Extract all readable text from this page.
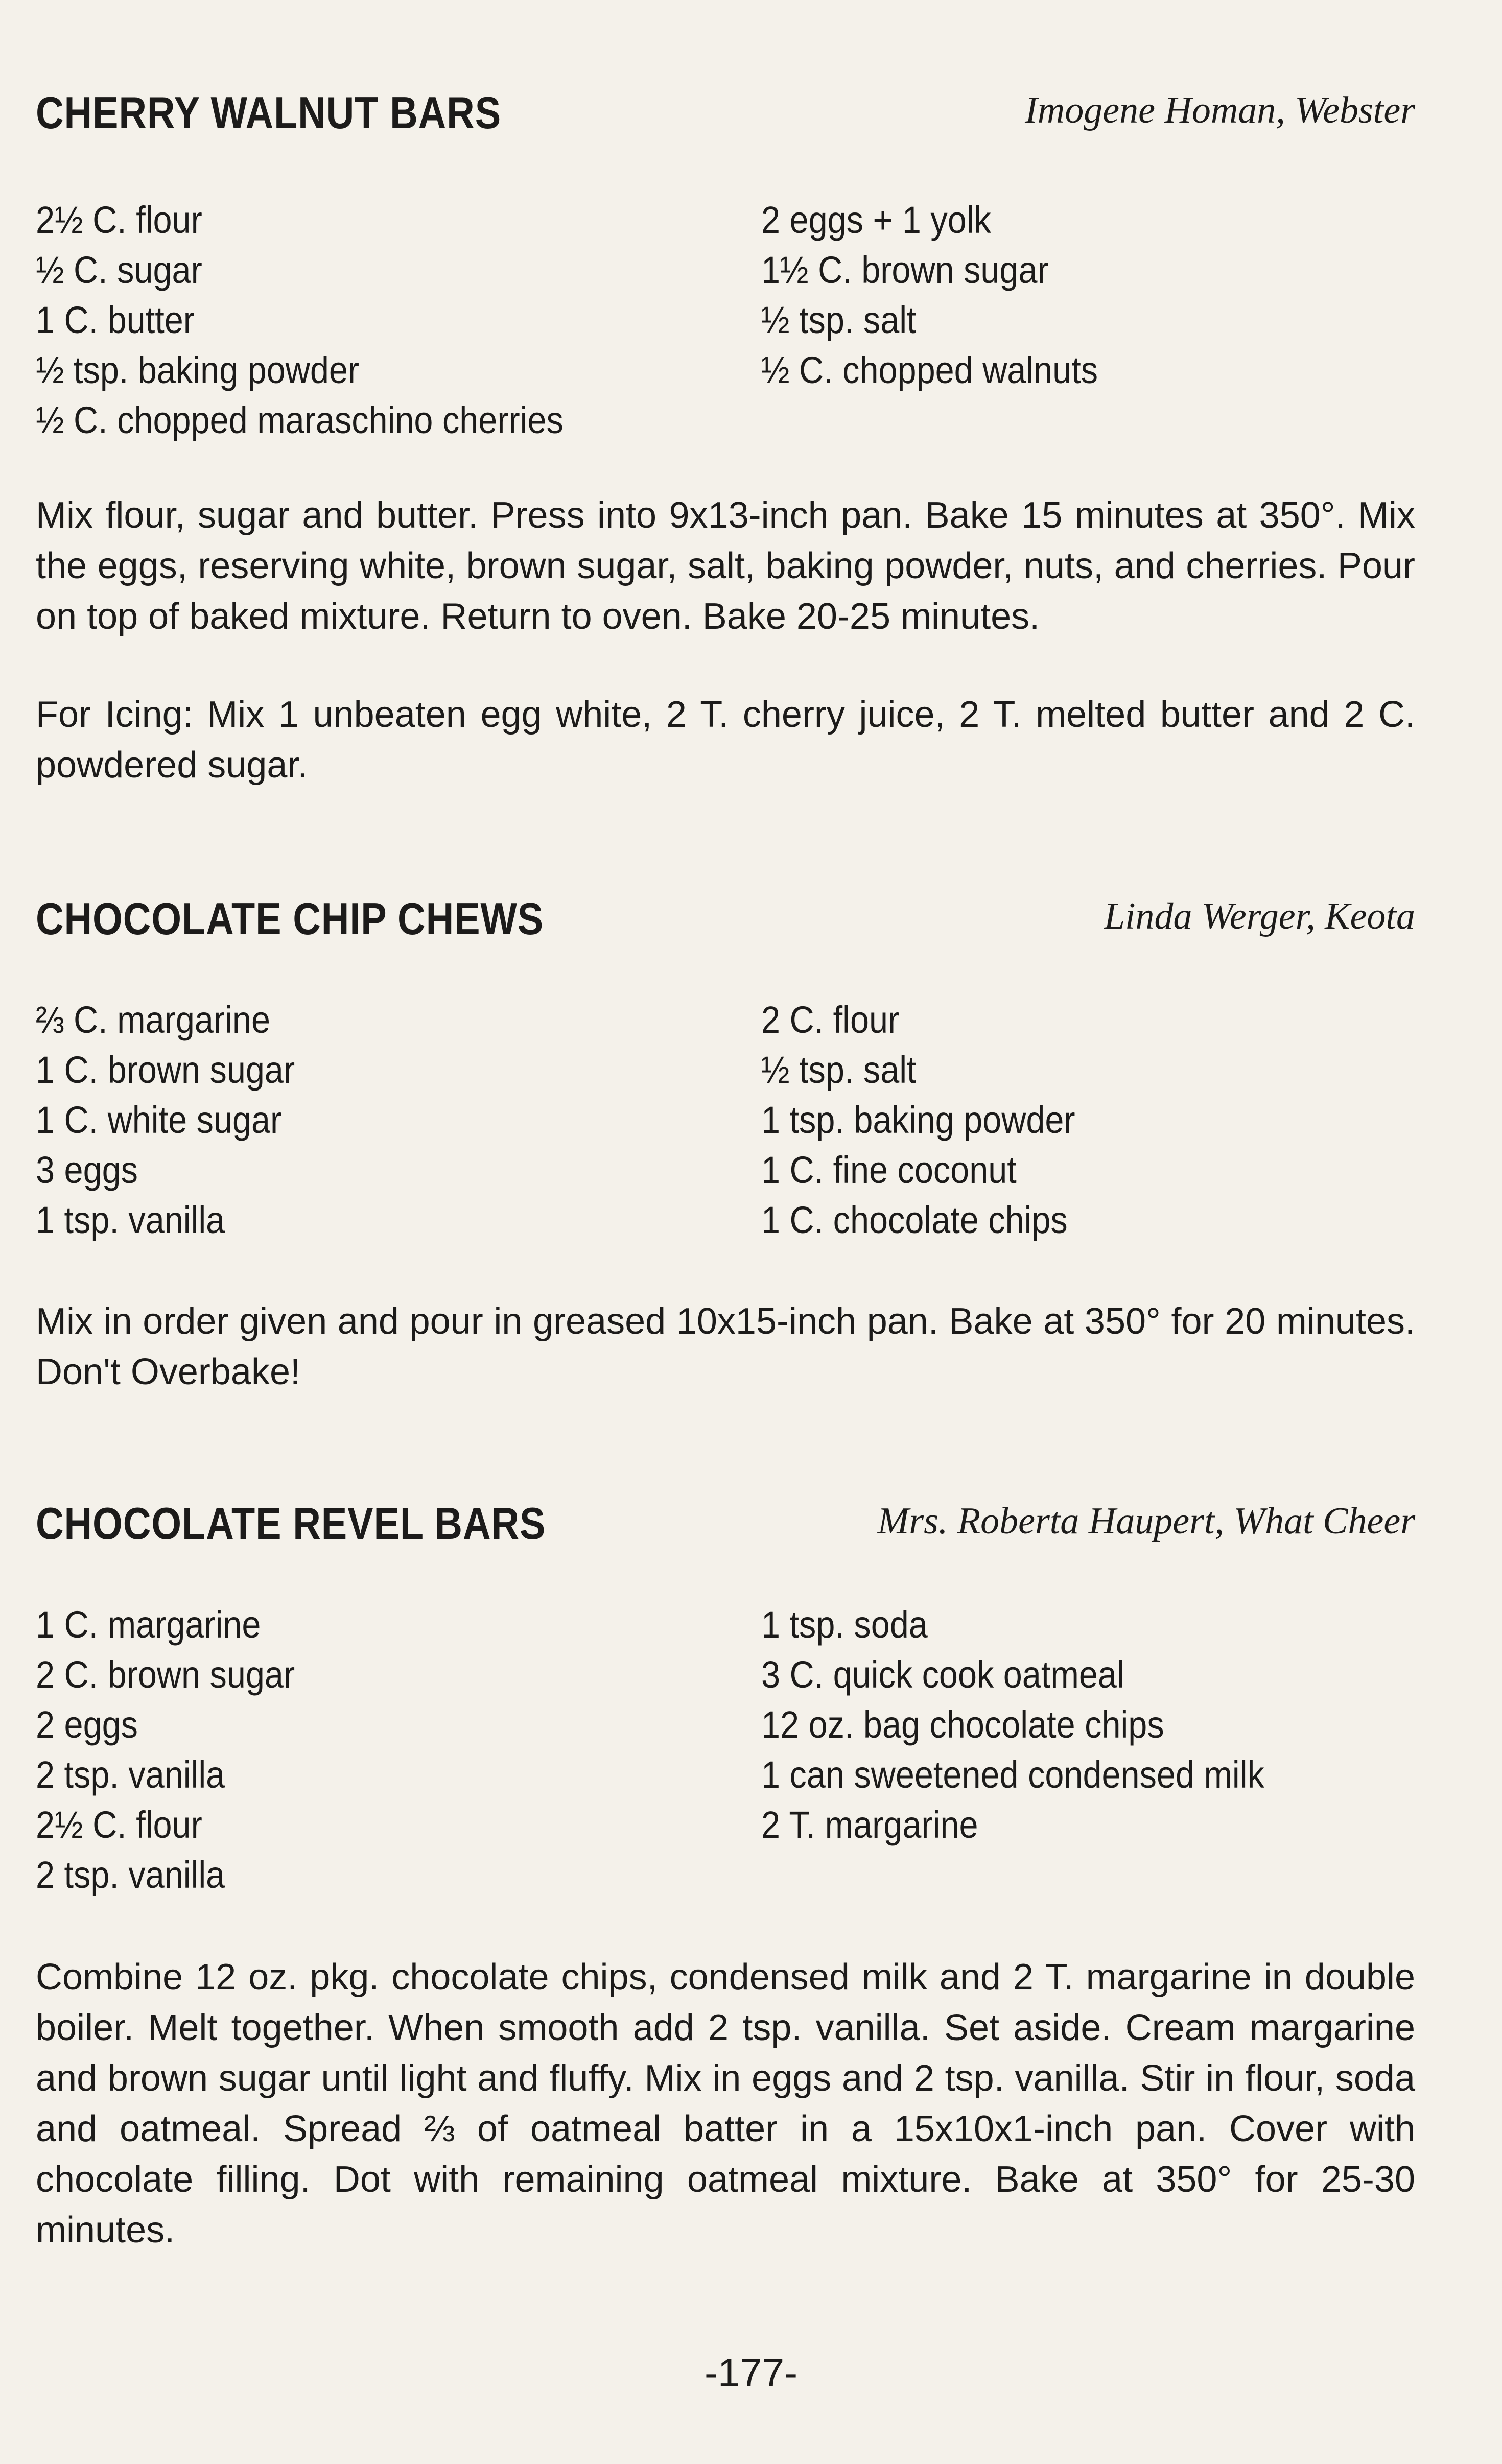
CHERRY WALNUT BARS	Imogene Homan, Webster
2½ C. flour
½ C. sugar
1 C. butter
½ tsp. baking powder
½ C. chopped maraschino cherries
2 eggs + 1 yolk
1½ C. brown sugar
½ tsp. salt
½ C. chopped walnuts

Mix flour, sugar and butter. Press into 9x13-inch pan. Bake 15 minutes at 350°. Mix the eggs, reserving white, brown sugar, salt, baking powder, nuts, and cherries. Pour on top of baked mixture. Return to oven. Bake 20-25 minutes.

For Icing: Mix 1 unbeaten egg white, 2 T. cherry juice, 2 T. melted butter and 2 C. powdered sugar.

CHOCOLATE CHIP CHEWS	Linda Werger, Keota
⅔ C. margarine
1 C. brown sugar
1 C. white sugar
3 eggs
1 tsp. vanilla
2 C. flour
½ tsp. salt
1 tsp. baking powder
1 C. fine coconut
1 C. chocolate chips

Mix in order given and pour in greased 10x15-inch pan. Bake at 350° for 20 minutes. Don't Overbake!

CHOCOLATE REVEL BARS	Mrs. Roberta Haupert, What Cheer
1 C. margarine
2 C. brown sugar
2 eggs
2 tsp. vanilla
2½ C. flour
2 tsp. vanilla
1 tsp. soda
3 C. quick cook oatmeal
12 oz. bag chocolate chips
1 can sweetened condensed milk
2 T. margarine

Combine 12 oz. pkg. chocolate chips, condensed milk and 2 T. margarine in double boiler. Melt together. When smooth add 2 tsp. vanilla. Set aside. Cream margarine and brown sugar until light and fluffy. Mix in eggs and 2 tsp. vanilla. Stir in flour, soda and oatmeal. Spread ⅔ of oatmeal batter in a 15x10x1-inch pan. Cover with chocolate filling. Dot with remaining oatmeal mixture. Bake at 350° for 25-30 minutes.

-177-
